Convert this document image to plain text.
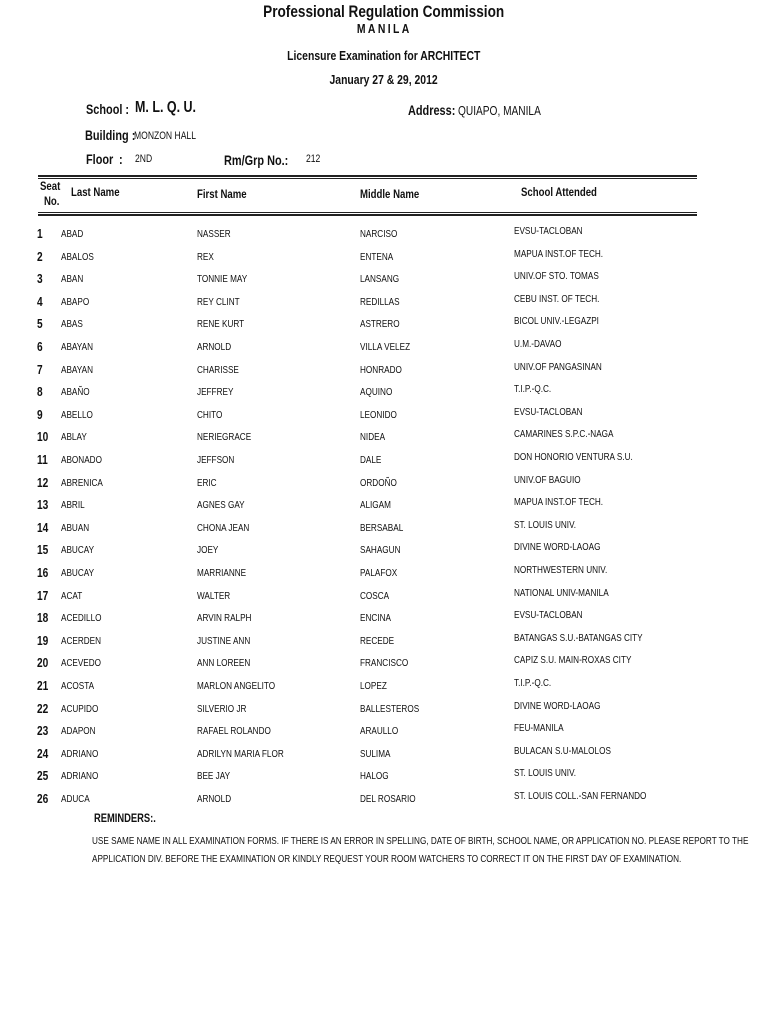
Professional Regulation Commission
MANILA
Licensure Examination for ARCHITECT
January 27 & 29, 2012
School : M. L. Q. U.	Address: QUIAPO, MANILA
Building :
MONZON HALL
Floor : 2ND	Rm/Grp No.:	212
Seat
No.
Last Name	First Name	Middle Name	School Attended
1 ABAD	NASSER	NARCISO	EVSU-TACLOBAN
2 ABALOS	REX	ENTENA	MAPUA INST.OF TECH.
3 ABAN	TONNIE MAY	LANSANG	UNIV.OF STO. TOMAS
4 ABAPO	REY CLINT	REDILLAS	CEBU INST. OF TECH.
5 ABAS	RENE KURT	ASTRERO	BICOL UNIV.-LEGAZPI
6 ABAYAN	ARNOLD	VILLA VELEZ	U.M.-DAVAO
7 ABAYAN	CHARISSE	HONRADO	UNIV.OF PANGASINAN
8 ABAÑO	JEFFREY	AQUINO	T.I.P.-Q.C.
9 ABELLO	CHITO	LEONIDO	EVSU-TACLOBAN
10	ABLAY	NERIEGRACE	NIDEA	CAMARINES S.P.C.-NAGA
11 ABONADO	JEFFSON	DALE	DON HONORIO VENTURA S.U.
12	ABRENICA	ERIC	ORDOÑO	UNIV.OF BAGUIO
13	ABRIL	AGNES GAY	ALIGAM	MAPUA INST.OF TECH.
14	ABUAN	CHONA JEAN	BERSABAL	ST. LOUIS UNIV.
15	ABUCAY	JOEY	SAHAGUN	DIVINE WORD-LAOAG
16	ABUCAY	MARRIANNE	PALAFOX	NORTHWESTERN UNIV.
17	ACAT	WALTER	COSCA	NATIONAL UNIV-MANILA
18	ACEDILLO	ARVIN RALPH	ENCINA	EVSU-TACLOBAN
19	ACERDEN	JUSTINE ANN	RECEDE	BATANGAS S.U.-BATANGAS CITY
20	ACEVEDO	ANN LOREEN	FRANCISCO	CAPIZ S.U. MAIN-ROXAS CITY
21	ACOSTA	MARLON ANGELITO	LOPEZ	T.I.P.-Q.C.
22	ACUPIDO	SILVERIO JR	BALLESTEROS	DIVINE WORD-LAOAG
23	ADAPON	RAFAEL ROLANDO	ARAULLO	FEU-MANILA
24	ADRIANO	ADRILYN MARIA FLOR	SULIMA	BULACAN S.U-MALOLOS
25	ADRIANO	BEE JAY	HALOG	ST. LOUIS UNIV.
26	ADUCA	ARNOLD	DEL ROSARIO	ST. LOUIS COLL.-SAN FERNANDO
REMINDERS:.
USE SAME NAME IN ALL EXAMINATION FORMS. IF THERE IS AN ERROR IN SPELLING, DATE OF BIRTH, SCHOOL NAME, OR APPLICATION NO. PLEASE REPORT TO THE
APPLICATION DIV. BEFORE THE EXAMINATION OR KINDLY REQUEST YOUR ROOM WATCHERS TO CORRECT IT ON THE FIRST DAY OF EXAMINATION.
